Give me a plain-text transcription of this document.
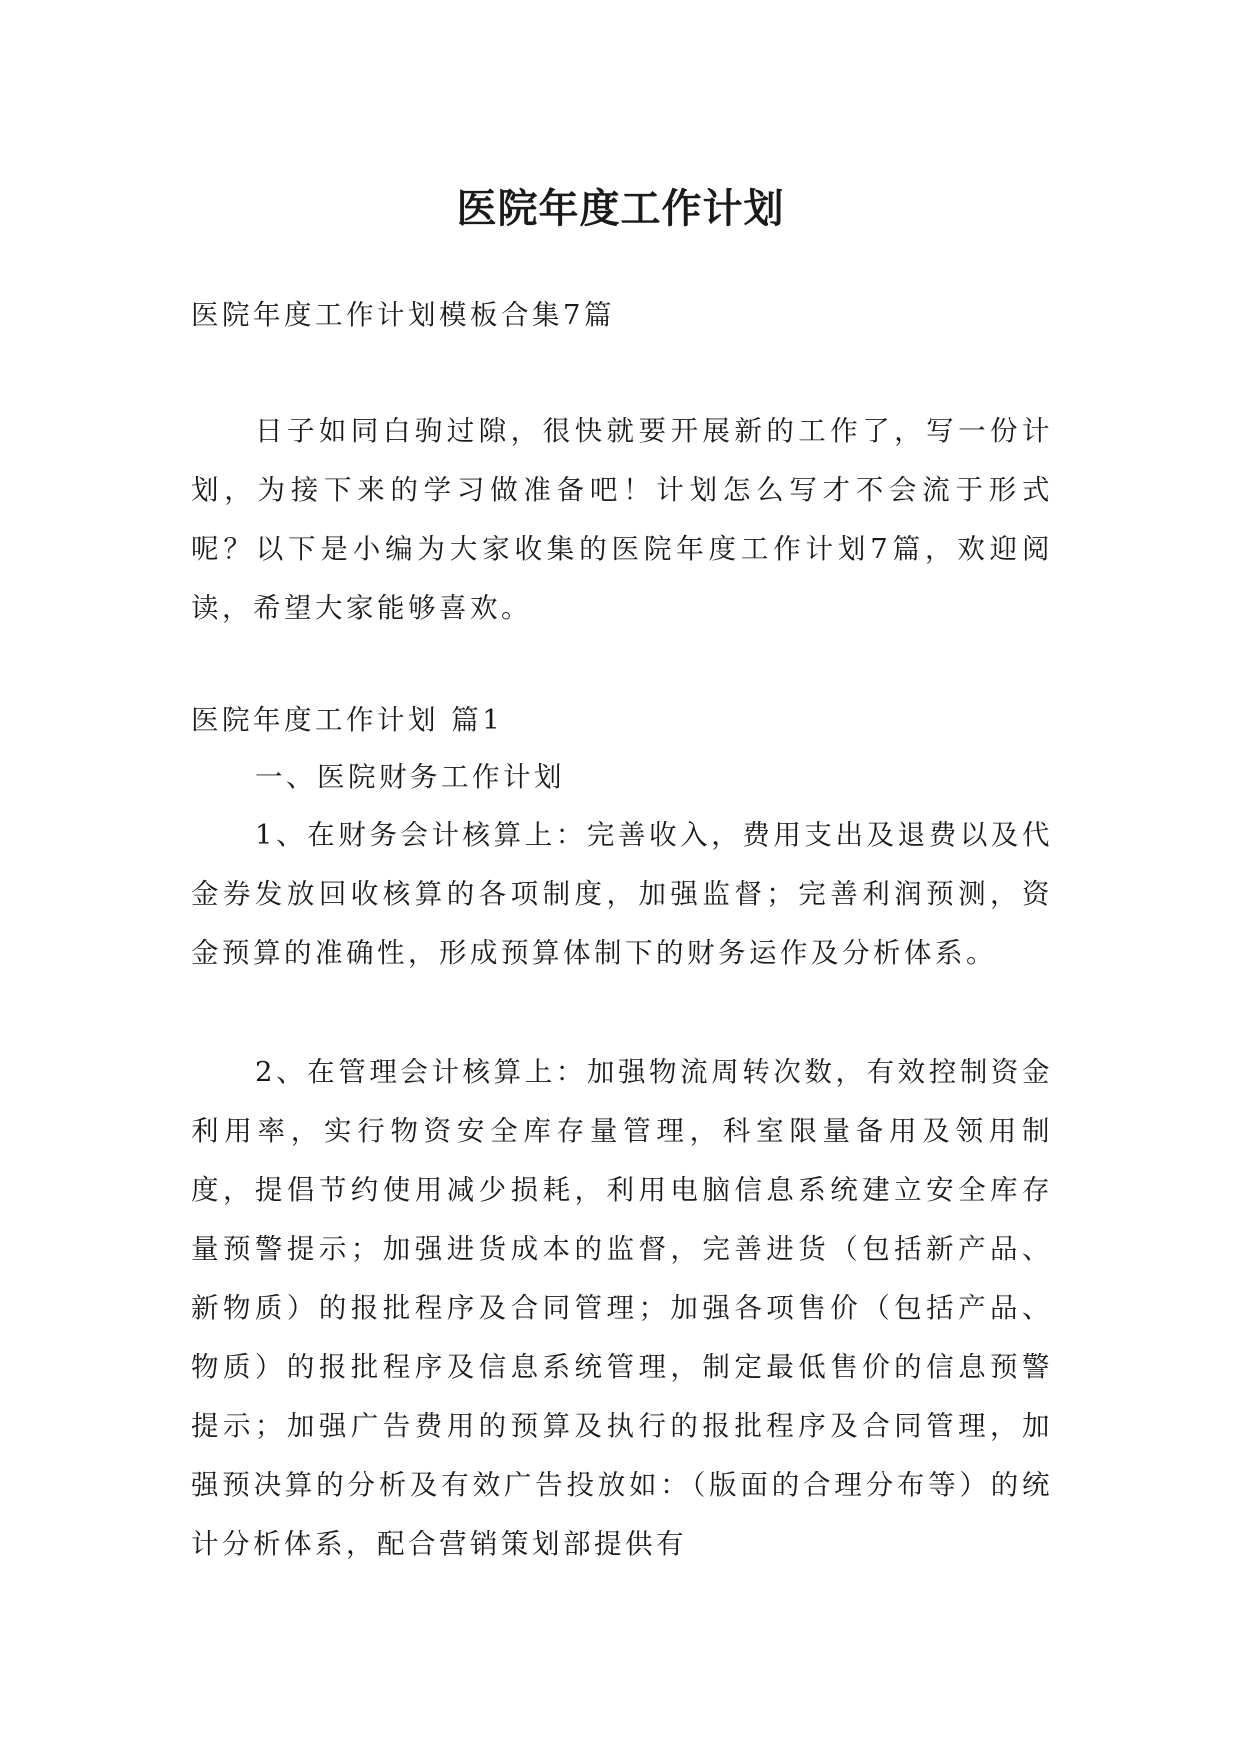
医院年度工作计划

医院年度工作计划模板合集7篇

日子如同白驹过隙，很快就要开展新的工作了，写一份计划，为接下来的学习做准备吧！计划怎么写才不会流于形式呢？以下是小编为大家收集的医院年度工作计划7篇，欢迎阅读，希望大家能够喜欢。

医院年度工作计划 篇1

一、医院财务工作计划

1、在财务会计核算上：完善收入，费用支出及退费以及代金券发放回收核算的各项制度，加强监督；完善利润预测，资金预算的准确性，形成预算体制下的财务运作及分析体系。

2、在管理会计核算上：加强物流周转次数，有效控制资金利用率，实行物资安全库存量管理，科室限量备用及领用制度，提倡节约使用减少损耗，利用电脑信息系统建立安全库存量预警提示；加强进货成本的监督，完善进货（包括新产品、新物质）的报批程序及合同管理；加强各项售价（包括产品、物质）的报批程序及信息系统管理，制定最低售价的信息预警提示；加强广告费用的预算及执行的报批程序及合同管理，加强预决算的分析及有效广告投放如：（版面的合理分布等）的统计分析体系，配合营销策划部提供有
